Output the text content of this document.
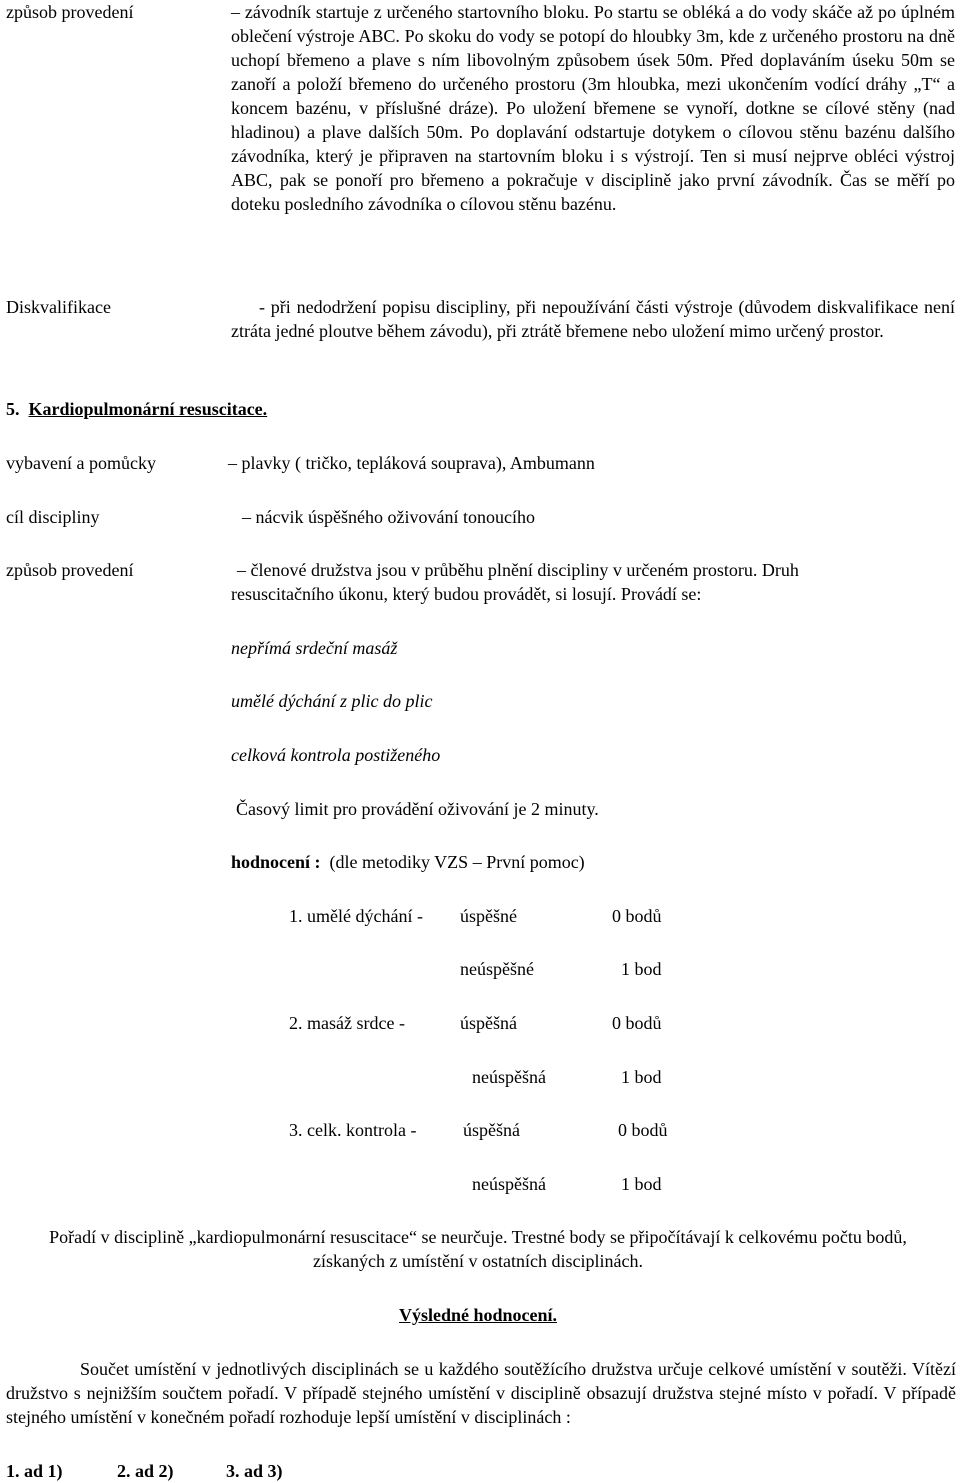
způsob provedení	– závodník startuje z určeného startovního bloku. Po startu se obléká a do vody skáče až po úplném oblečení výstroje ABC. Po skoku do vody se potopí do hloubky 3m, kde z určeného prostoru na dně uchopí břemeno a plave s ním libovolným způsobem úsek 50m. Před doplaváním úseku 50m se zanoří a položí břemeno do určeného prostoru (3m hloubka, mezi ukončením vodící dráhy „T“ a koncem bazénu, v příslušné dráze). Po uložení břemene se vynoří, dotkne se cílové stěny (nad hladinou) a plave dalších 50m. Po doplavání odstartuje dotykem o cílovou stěnu bazénu dalšího závodníka, který je připraven na startovním bloku i s výstrojí. Ten si musí nejprve obléci výstroj ABC, pak se ponoří pro břemeno a pokračuje v disciplině jako první závodník. Čas se měří po doteku posledního závodníka o cílovou stěnu bazénu.
Diskvalifikace	- při nedodržení popisu discipliny, při nepoužívání části výstroje (důvodem diskvalifikace není ztráta jedné ploutve během závodu), při ztrátě břemene nebo uložení mimo určený prostor.
5. Kardiopulmonární resuscitace.
vybavení a pomůcky	– plavky ( tričko, tepláková souprava), Ambumann
cíl discipliny	– nácvik úspěšného oživování tonoucího
způsob provedení	– členové družstva jsou v průběhu plnění discipliny v určeném prostoru. Druh resuscitačního úkonu, který budou provádět, si losují. Provádí se:
nepřímá srdeční masáž
umělé dýchání z plic do plic
celková kontrola postiženého
Časový limit pro provádění oživování je 2 minuty.
hodnocení : (dle metodiky VZS – První pomoc)
1. umělé dýchání - úspěšné	0 bodů
neúspěšné	1 bod
2. masáž srdce -	úspěšná	0 bodů
neúspěšná	1 bod
3. celk. kontrola -	úspěšná	0 bodů
neúspěšná	1 bod
Pořadí v disciplině „kardiopulmonární resuscitace“ se neurčuje. Trestné body se připočítávají k celkovému počtu bodů, získaných z umístění v ostatních disciplinách.
Výsledné hodnocení.
Součet umístění v jednotlivých disciplinách se u každého soutěžícího družstva určuje celkové umístění v soutěži. Vítězí družstvo s nejnižším součtem pořadí. V případě stejného umístění v disciplině obsazují družstva stejné místo v pořadí. V případě stejného umístění v konečném pořadí rozhoduje lepší umístění v disciplinách :
1. ad 1)	2. ad 2)	3. ad 3)
